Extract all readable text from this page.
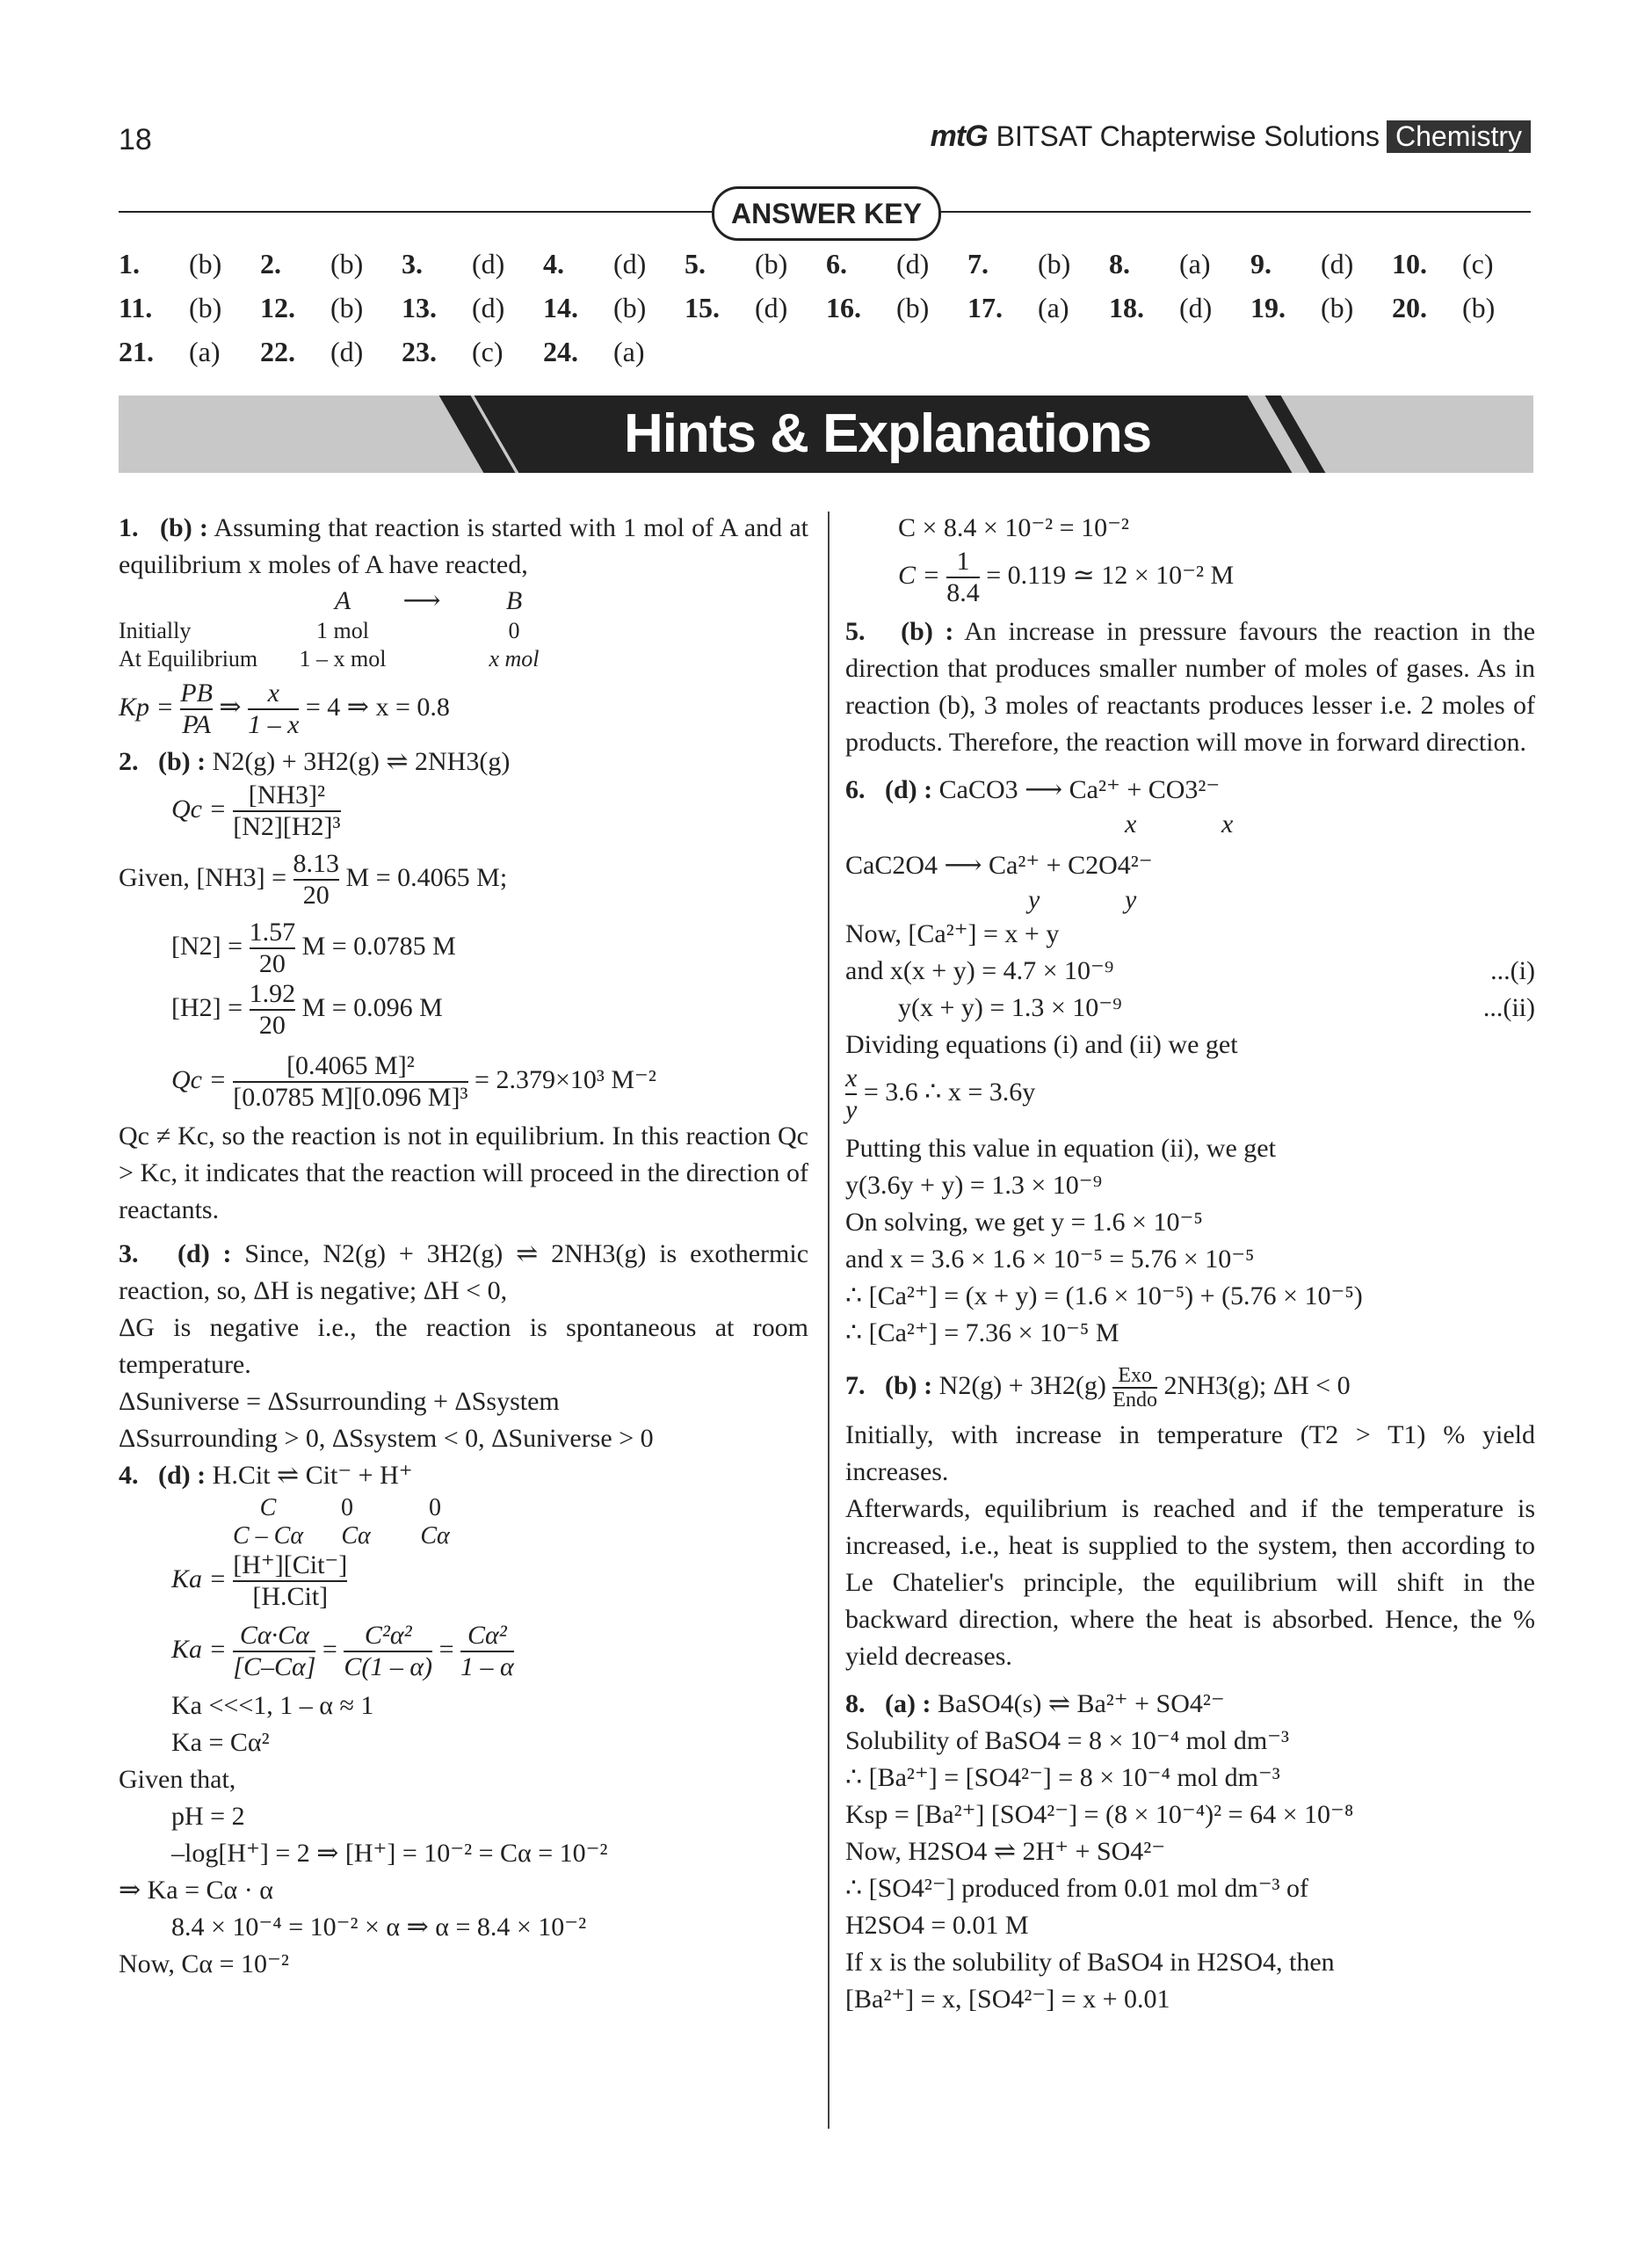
18	mtG BITSAT Chapterwise Solutions Chemistry
ANSWER KEY
1.	(b)	2.	(b)	3.	(d)	4.	(d)	5.	(b)	6.	(d)	7.	(b)	8.	(a)	9.	(d)	10.	(c)
11.	(b)	12.	(b)	13.	(d)	14.	(b)	15.	(d)	16.	(b)	17.	(a)	18.	(d)	19.	(b)	20.	(b)
21.	(a)	22.	(d)	23.	(c)	24.	(a)
Hints & Explanations

1. (b) : Assuming that reaction is started with 1 mol of A and at equilibrium x moles of A have reacted,

A	⟶	B
Initially	1 mol	0
At Equilibrium	1 – x mol	x mol

$Kp = \frac{PB}{PA}$ ⇒ $\frac{x}{1 - x} = 4$ ⇒ x = 0.8

2. (b) : N2(g) + 3H2(g) ⇌ 2NH3(g)

$Qc = \frac{\text{[NH3]²}}{\text{[N2][H2]³}}$

Given, $[NH3] = \frac{8.13}{20}$ M = 0.4065 M;

$[N2] = \frac{1.57}{20}$ M = 0.0785 M

$[H2] = \frac{1.92}{20}$ M = 0.096 M

$Qc = \frac{\text{[0.4065 M]²}}{\text{[0.0785 M][0.096 M]³}} = 2.379\times 10^3$ M⁻²

Qc ≠ Kc, so the reaction is not in equilibrium. In this reaction Qc > Kc, it indicates that the reaction will proceed in the direction of reactants.

3. (d) : Since, N2(g) + 3H2(g) ⇌ 2NH3(g) is exothermic reaction, so, ΔH is negative; ΔH < 0,

ΔG is negative i.e., the reaction is spontaneous at room temperature.

ΔSuniverse = ΔSsurrounding + ΔSsystem

ΔSsurrounding > 0, ΔSsystem < 0, ΔSuniverse > 0

4. (d) : H.Cit ⇌ Cit⁻ + H⁺

C	0	0
C – Cα	Cα	Cα

$Ka = \frac{\text{[H⁺][Cit⁻]}}{\text{[H.Cit]}}$

$Ka = \frac{C\alpha\cdot C\alpha}{[C-C\alpha]} = \frac{\text{C²α²}}{C(1 - \alpha)} = \frac{\text{Cα²}}{1 - \alpha}$

Ka <<<1, 1 – α ≈ 1

Ka = Cα²

Given that,

pH = 2

–log[H⁺] = 2 ⇒ [H⁺] = 10⁻² = Cα = 10⁻²

⇒ Ka = Cα · α

8.4 × 10⁻⁴ = 10⁻² × α ⇒ α = 8.4 × 10⁻²

Now, Cα = 10⁻²

C × 8.4 × 10⁻² = 10⁻²

$C = \frac{1}{8.4} = 0.119$ ≃ 12 × 10⁻² M

5. (b) : An increase in pressure favours the reaction in the direction that produces smaller number of moles of gases. As in reaction (b), 3 moles of reactants produces lesser i.e. 2 moles of products. Therefore, the reaction will move in forward direction.

6. (d) : CaCO3 ⟶ Ca²⁺ + CO3²⁻

x	x

CaC2O4 ⟶ Ca²⁺ + C2O4²⁻

y	y

Now, [Ca²⁺] = x + y

and x(x + y) = 4.7 × 10⁻⁹	...(i)

y(x + y) = 1.3 × 10⁻⁹	...(ii)

Dividing equations (i) and (ii) we get

$\frac{x}{y} = 3.6$ ∴ x = 3.6y

Putting this value in equation (ii), we get

y(3.6y + y) = 1.3 × 10⁻⁹

On solving, we get y = 1.6 × 10⁻⁵

and x = 3.6 × 1.6 × 10⁻⁵ = 5.76 × 10⁻⁵

∴ [Ca²⁺] = (x + y) = (1.6 × 10⁻⁵) + (5.76 × 10⁻⁵)

∴ [Ca²⁺] = 7.36 × 10⁻⁵ M

7. (b) : $N2(g) + 3H2(g) \frac{\text{Exo}}{\text{Endo}} 2NH3(g)$; ΔH < 0

Initially, with increase in temperature (T2 > T1) % yield increases.

Afterwards, equilibrium is reached and if the temperature is increased, i.e., heat is supplied to the system, then according to Le Chatelier's principle, the equilibrium will shift in the backward direction, where the heat is absorbed. Hence, the % yield decreases.

8. (a) : BaSO4(s) ⇌ Ba²⁺ + SO4²⁻

Solubility of BaSO4 = 8 × 10⁻⁴ mol dm⁻³

∴ [Ba²⁺] = [SO4²⁻] = 8 × 10⁻⁴ mol dm⁻³

Ksp = [Ba²⁺] [SO4²⁻] = (8 × 10⁻⁴)² = 64 × 10⁻⁸

Now, H2SO4 ⇌ 2H⁺ + SO4²⁻

∴ [SO4²⁻] produced from 0.01 mol dm⁻³ of

H2SO4 = 0.01 M

If x is the solubility of BaSO4 in H2SO4, then

[Ba²⁺] = x, [SO4²⁻] = x + 0.01
